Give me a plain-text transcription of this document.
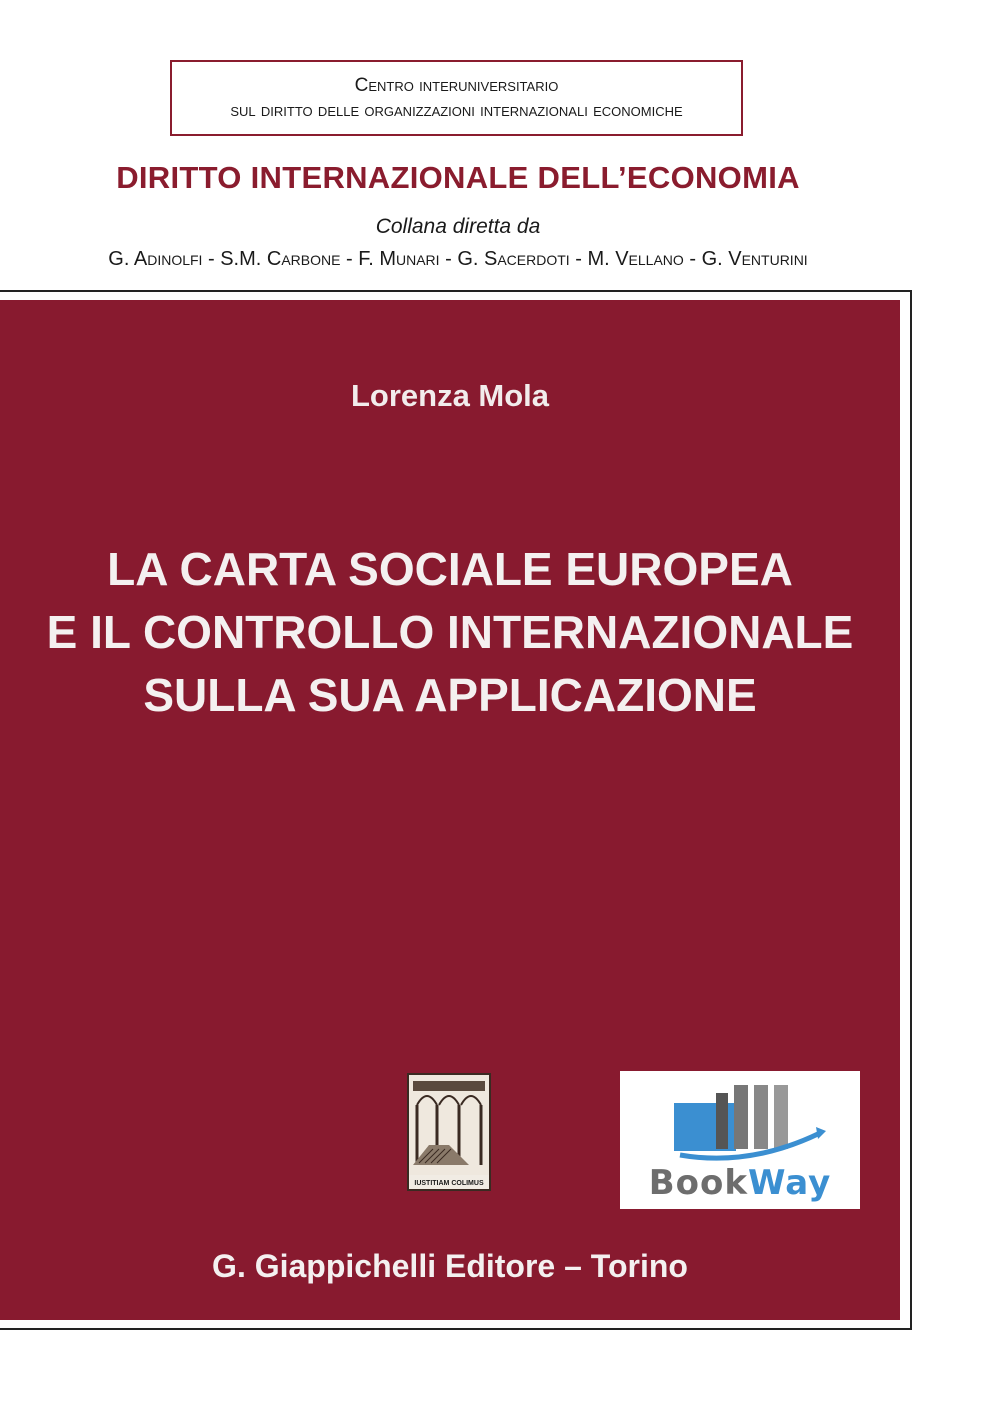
Centro interuniversitario
sul diritto delle organizzazioni internazionali economiche
DIRITTO INTERNAZIONALE DELL’ECONOMIA
Collana diretta da
G. Adinolfi - S.M. Carbone - F. Munari - G. Sacerdoti - M. Vellano - G. Venturini
Lorenza Mola
LA CARTA SOCIALE EUROPEA
E IL CONTROLLO INTERNAZIONALE
SULLA SUA APPLICAZIONE
IUSTITIAM COLIMUS	BookWay
G. Giappichelli Editore – Torino
